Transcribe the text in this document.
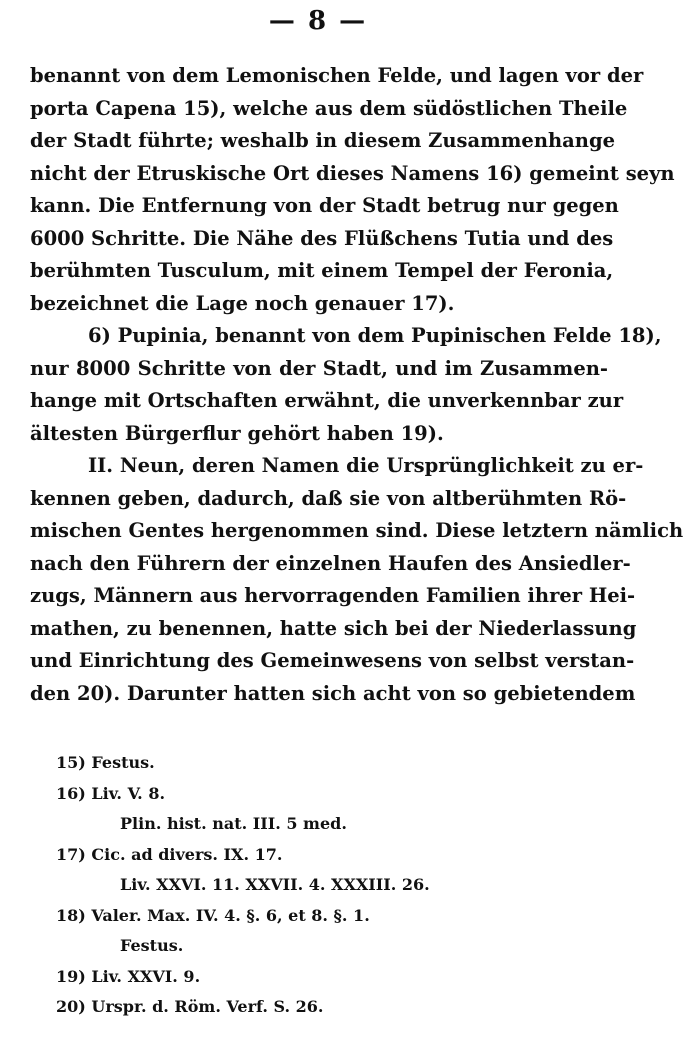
— 8 —
benannt von dem Lemonischen Felde, und lagen vor der
porta Capena 15), welche aus dem südöstlichen Theile
der Stadt führte; weshalb in diesem Zusammenhange
nicht der Etruskische Ort dieses Namens 16) gemeint seyn
kann. Die Entfernung von der Stadt betrug nur gegen
6000 Schritte. Die Nähe des Flüßchens Tutia und des
berühmten Tusculum, mit einem Tempel der Feronia,
bezeichnet die Lage noch genauer 17).
6) Pupinia, benannt von dem Pupinischen Felde 18),
nur 8000 Schritte von der Stadt, und im Zusammen-
hange mit Ortschaften erwähnt, die unverkennbar zur
ältesten Bürgerflur gehört haben 19).
II. Neun, deren Namen die Ursprünglichkeit zu er-
kennen geben, dadurch, daß sie von altberühmten Rö-
mischen Gentes hergenommen sind. Diese letztern nämlich
nach den Führern der einzelnen Haufen des Ansiedler-
zugs, Männern aus hervorragenden Familien ihrer Hei-
mathen, zu benennen, hatte sich bei der Niederlassung
und Einrichtung des Gemeinwesens von selbst verstan-
den 20). Darunter hatten sich acht von so gebietendem
15) Festus.
16) Liv. V. 8.
Plin. hist. nat. III. 5 med.
17) Cic. ad divers. IX. 17.
Liv. XXVI. 11. XXVII. 4. XXXIII. 26.
18) Valer. Max. IV. 4. §. 6, et 8. §. 1.
Festus.
19) Liv. XXVI. 9.
20) Urspr. d. Röm. Verf. S. 26.
